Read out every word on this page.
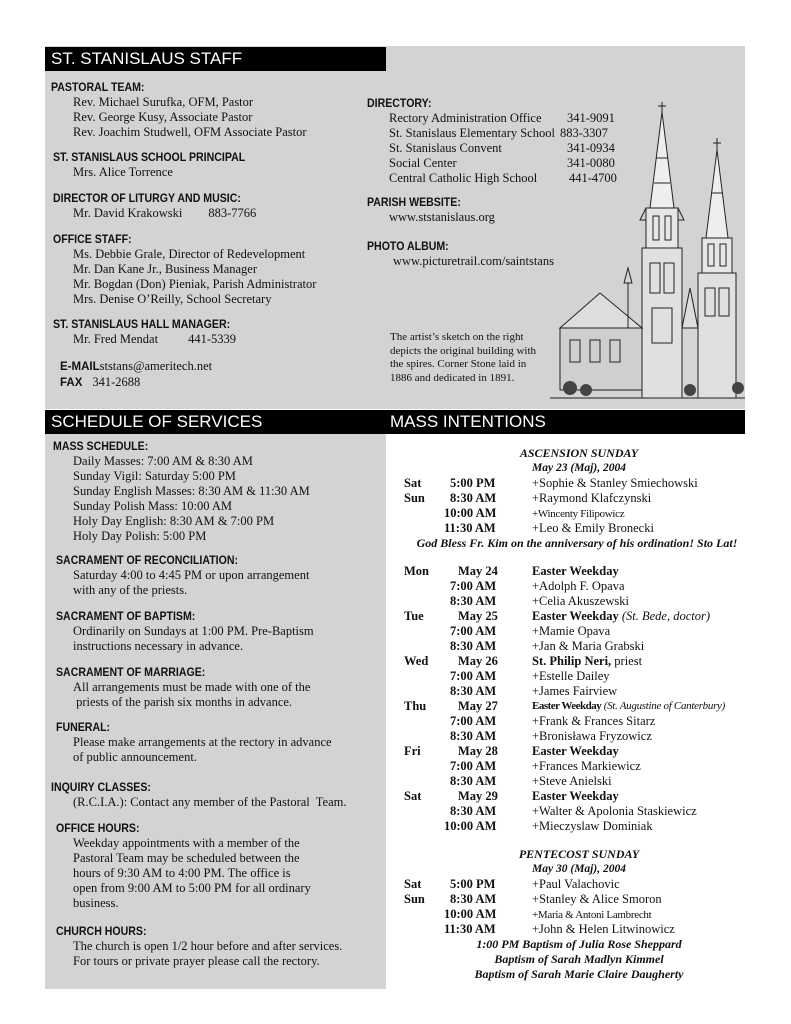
ST. STANISLAUS STAFF
PASTORAL TEAM:
Rev. Michael Surufka, OFM, Pastor
Rev. George Kusy, Associate Pastor
Rev. Joachim Studwell, OFM Associate Pastor
ST. STANISLAUS SCHOOL PRINCIPAL
Mrs. Alice Torrence
DIRECTOR OF LITURGY AND MUSIC:
Mr. David Krakowski 883-7766
OFFICE STAFF:
Ms. Debbie Grale, Director of Redevelopment
Mr. Dan Kane Jr., Business Manager
Mr. Bogdan (Don) Pieniak, Parish Administrator
Mrs. Denise O’Reilly, School Secretary
ST. STANISLAUS HALL MANAGER:
Mr. Fred Mendat 441-5339
E-MAILststans@ameritech.net
FAX 341-2688
DIRECTORY:
Rectory Administration Office	341-9091
St. Stanislaus Elementary School 883-3307
St. Stanislaus Convent	341-0934
Social Center	341-0080
Central Catholic High School	441-4700
PARISH WEBSITE:
www.ststanislaus.org
PHOTO ALBUM:
www.picturetrail.com/saintstans
The artist’s sketch on the right depicts the original building with the spires. Corner Stone laid in 1886 and dedicated in 1891.
SCHEDULE OF SERVICES
MASS SCHEDULE:
Daily Masses: 7:00 AM & 8:30 AM
Sunday Vigil: Saturday 5:00 PM
Sunday English Masses: 8:30 AM & 11:30 AM
Sunday Polish Mass: 10:00 AM
Holy Day English: 8:30 AM & 7:00 PM
Holy Day Polish: 5:00 PM
SACRAMENT OF RECONCILIATION:
Saturday 4:00 to 4:45 PM or upon arrangement
with any of the priests.
SACRAMENT OF BAPTISM:
Ordinarily on Sundays at 1:00 PM. Pre-Baptism
instructions necessary in advance.
SACRAMENT OF MARRIAGE:
All arrangements must be made with one of the
priests of the parish six months in advance.
FUNERAL:
Please make arrangements at the rectory in advance
of public announcement.
INQUIRY CLASSES:
(R.C.I.A.): Contact any member of the Pastoral  Team.
OFFICE HOURS:
Weekday appointments with a member of the
Pastoral Team may be scheduled between the
hours of 9:30 AM to 4:00 PM. The office is
open from 9:00 AM to 5:00 PM for all ordinary
business.
CHURCH HOURS:
The church is open 1/2 hour before and after services.
For tours or private prayer please call the rectory.
MASS INTENTIONS
ASCENSION SUNDAY
May 23 (Maj), 2004
Sat 5:00 PM	+Sophie & Stanley Smiechowski
Sun 8:30 AM	+Raymond Klafczynski
10:00 AM	+Wincenty Filipowicz
11:30 AM	+Leo & Emily Bronecki
God Bless Fr. Kim on the anniversary of his ordination! Sto Lat!
Mon May 24	Easter Weekday
7:00 AM	+Adolph F. Opava
8:30 AM	+Celia Akuszewski
Tue	May 25	Easter Weekday (St. Bede, doctor)
7:00 AM	+Mamie Opava
8:30 AM	+Jan & Maria Grabski
Wed May 26	St. Philip Neri, priest
7:00 AM	+Estelle Dailey
8:30 AM	+James Fairview
Thu	May 27	Easter Weekday (St. Augustine of Canterbury)
7:00 AM	+Frank & Frances Sitarz
8:30 AM	+Bronisława Fryzowicz
Fri	May 28	Easter Weekday
7:00 AM	+Frances Markiewicz
8:30 AM	+Steve Anielski
Sat	May 29	Easter Weekday
8:30 AM	+Walter & Apolonia Staskiewicz
10:00 AM	+Mieczyslaw Dominiak
PENTECOST SUNDAY
May 30 (Maj), 2004
Sat 5:00 PM	+Paul Valachovic
Sun 8:30 AM	+Stanley & Alice Smoron
10:00 AM	+Maria & Antoni Lambrecht
11:30 AM	+John & Helen Litwinowicz
1:00 PM Baptism of Julia Rose Sheppard
Baptism of Sarah Madlyn Kimmel
Baptism of Sarah Marie Claire Daugherty
